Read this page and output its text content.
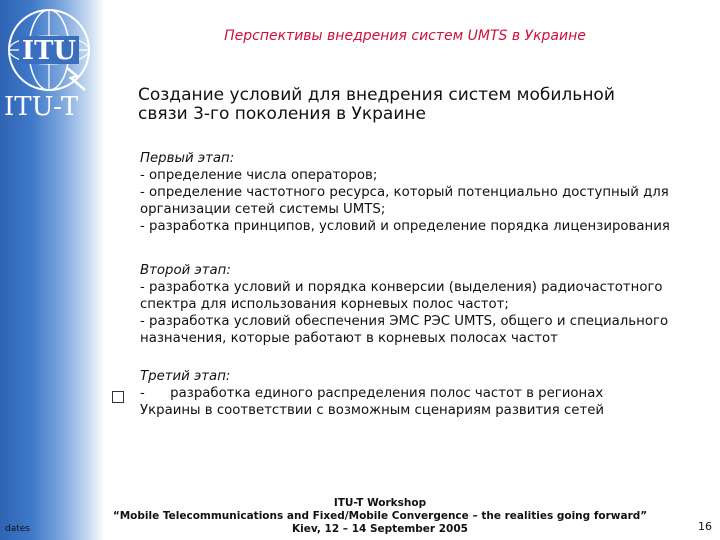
ITU
ITU-T
Перспективы внедрения систем UMTS в Украине
Создание условий для внедрения систем мобильной
связи 3-го поколения в Украине
Первый этап:
- определение числа операторов;
- определение частотного ресурса, который потенциально доступный для
организации сетей системы UMTS;
- разработка принципов, условий и определение порядка лицензирования
Второй этап:
- разработка условий и порядка конверсии (выделения) радиочастотного
спектра для использования корневых полос частот;
- разработка условий обеспечения ЭМС РЭС UMTS, общего и специального
назначения, которые работают в корневых полосах частот
Третий этап:
-      разработка единого распределения полос частот в регионах
Украины в соответствии с возможным сценариям развития сетей
ITU-T Workshop
“Mobile Telecommunications and Fixed/Mobile Convergence – the realities going forward”
Kiev, 12 – 14 September 2005
dates	16
